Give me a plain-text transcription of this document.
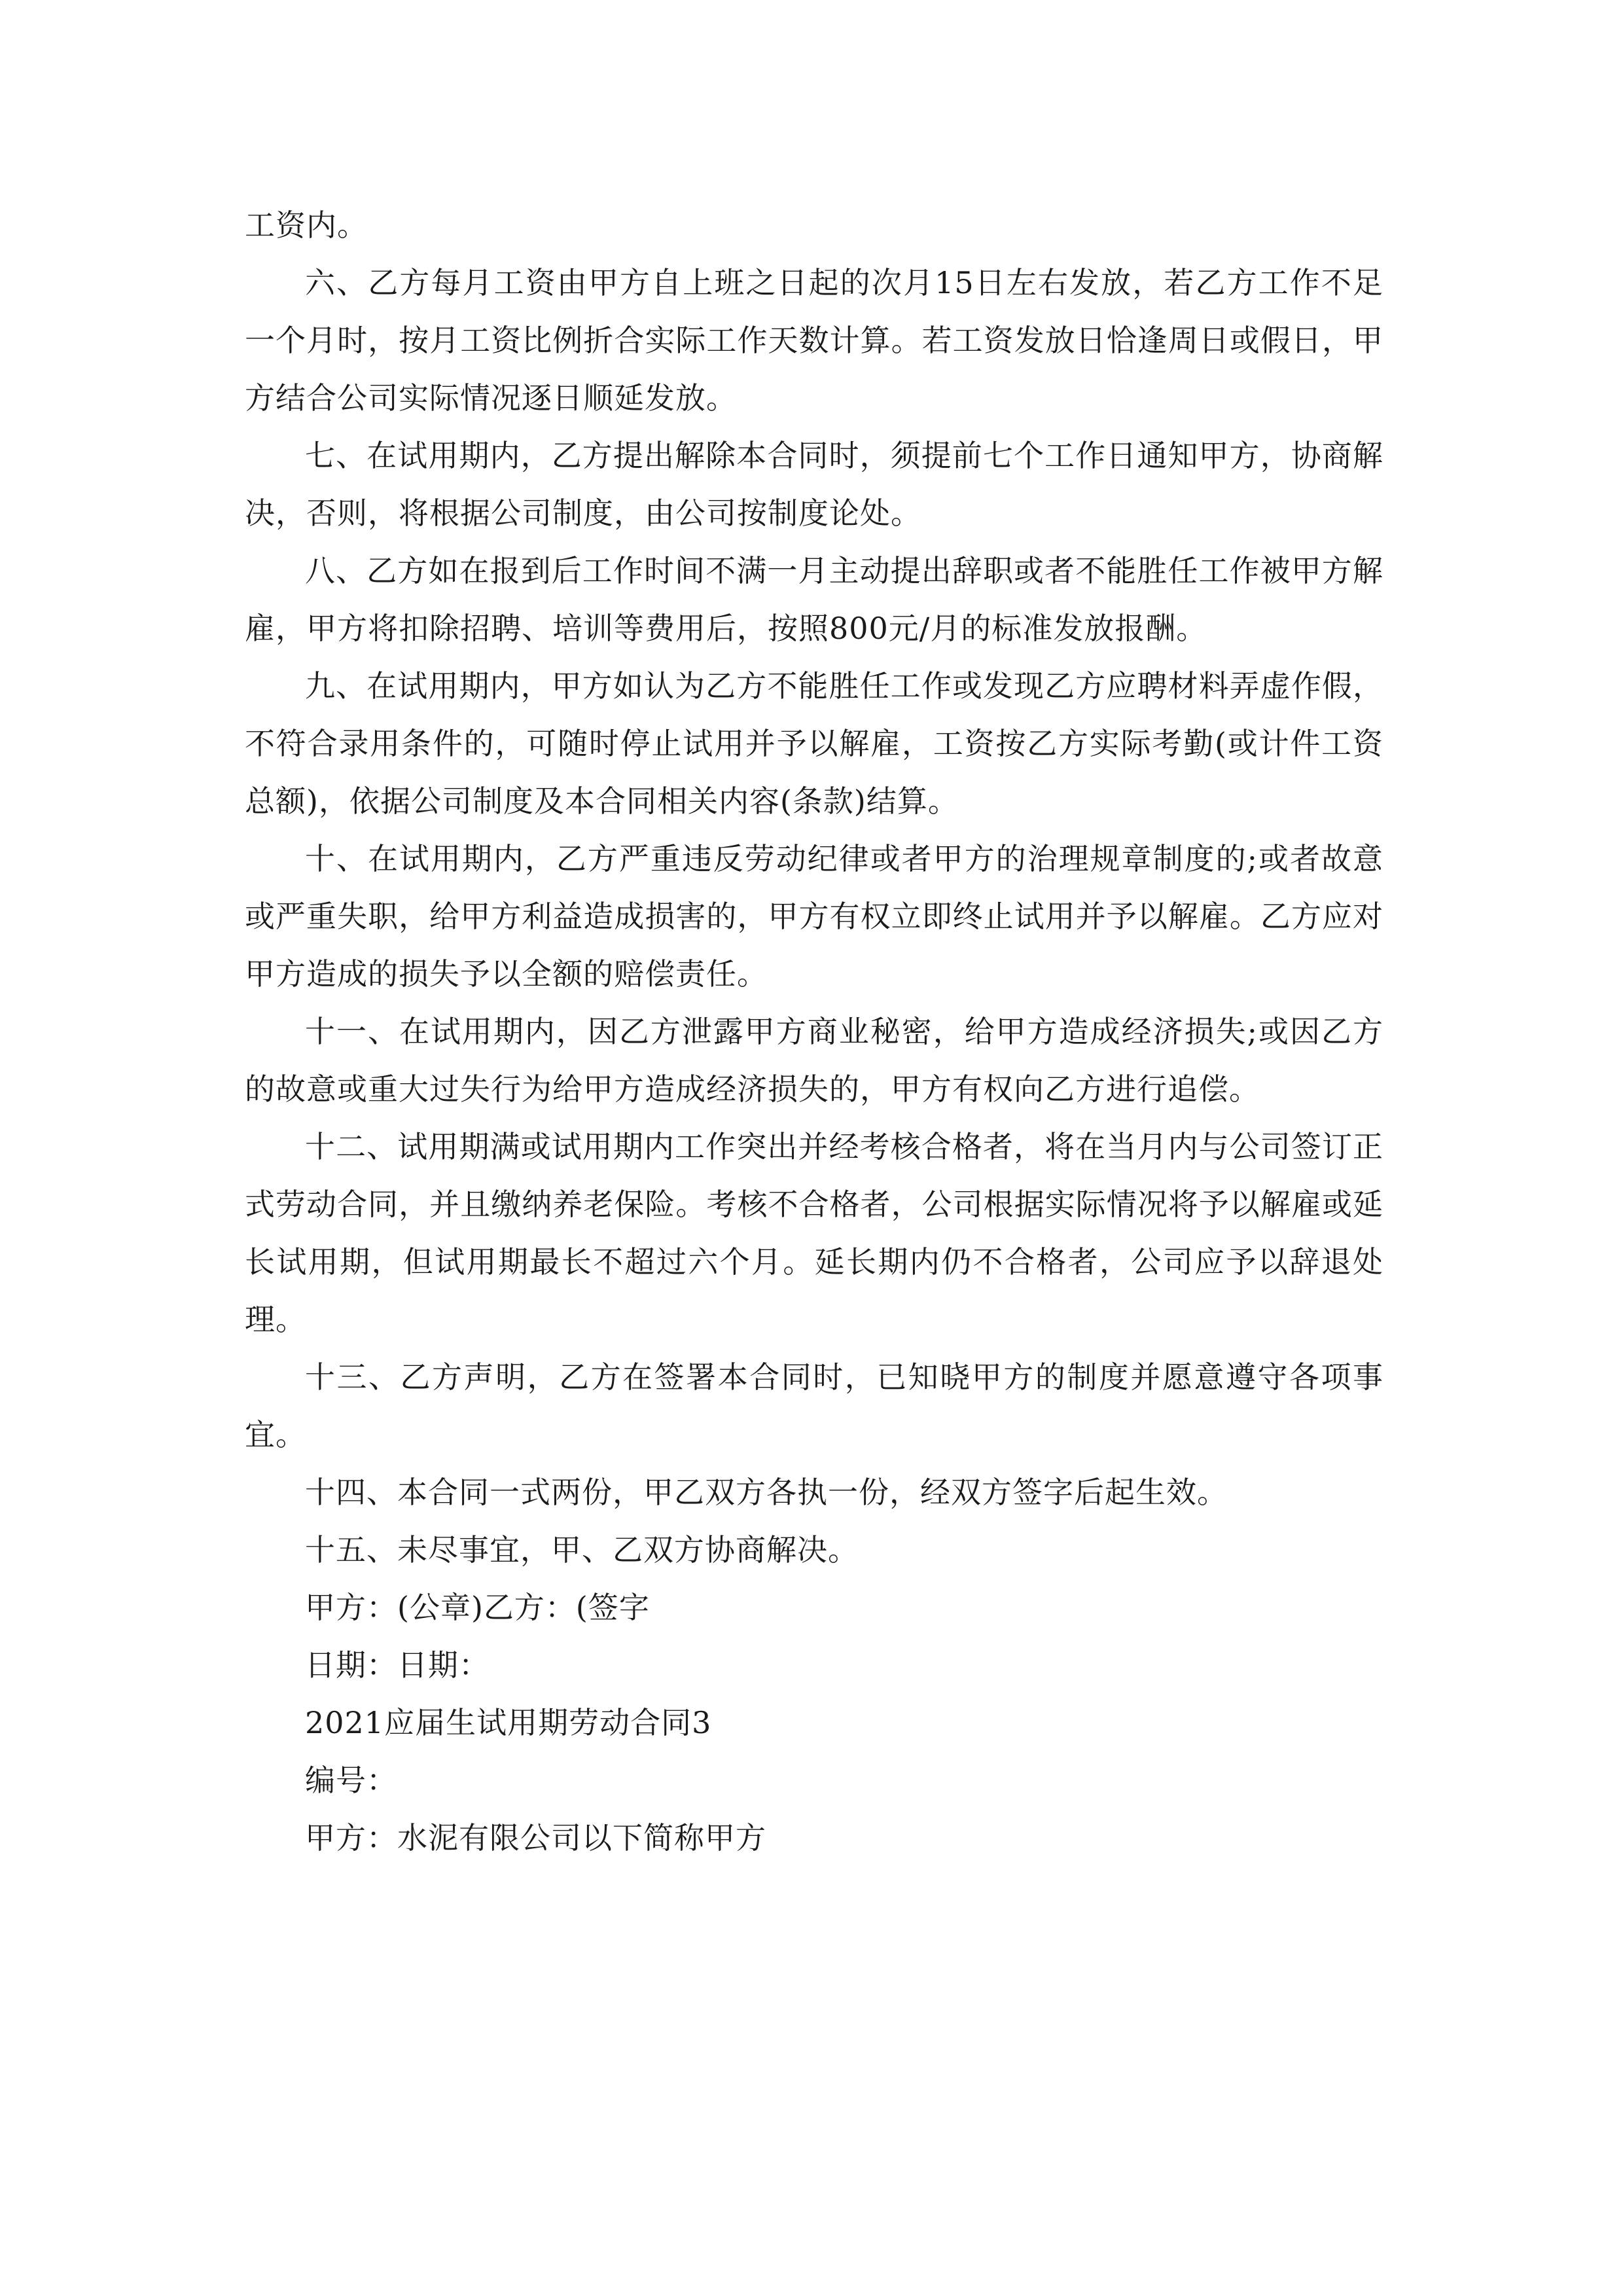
工资内。

六、乙方每月工资由甲方自上班之日起的次月15日左右发放，若乙方工作不足一个月时，按月工资比例折合实际工作天数计算。若工资发放日恰逢周日或假日，甲方结合公司实际情况逐日顺延发放。

七、在试用期内，乙方提出解除本合同时，须提前七个工作日通知甲方，协商解决，否则，将根据公司制度，由公司按制度论处。

八、乙方如在报到后工作时间不满一月主动提出辞职或者不能胜任工作被甲方解雇，甲方将扣除招聘、培训等费用后，按照800元/月的标准发放报酬。

九、在试用期内，甲方如认为乙方不能胜任工作或发现乙方应聘材料弄虚作假，不符合录用条件的，可随时停止试用并予以解雇，工资按乙方实际考勤(或计件工资总额)，依据公司制度及本合同相关内容(条款)结算。

十、在试用期内，乙方严重违反劳动纪律或者甲方的治理规章制度的;或者故意或严重失职，给甲方利益造成损害的，甲方有权立即终止试用并予以解雇。乙方应对甲方造成的损失予以全额的赔偿责任。

十一、在试用期内，因乙方泄露甲方商业秘密，给甲方造成经济损失;或因乙方的故意或重大过失行为给甲方造成经济损失的，甲方有权向乙方进行追偿。

十二、试用期满或试用期内工作突出并经考核合格者，将在当月内与公司签订正式劳动合同，并且缴纳养老保险。考核不合格者，公司根据实际情况将予以解雇或延长试用期，但试用期最长不超过六个月。延长期内仍不合格者，公司应予以辞退处理。

十三、乙方声明，乙方在签署本合同时，已知晓甲方的制度并愿意遵守各项事宜。

十四、本合同一式两份，甲乙双方各执一份，经双方签字后起生效。

十五、未尽事宜，甲、乙双方协商解决。

甲方：(公章)乙方：(签字

日期：日期：

2021应届生试用期劳动合同3

编号：

甲方：水泥有限公司以下简称甲方
